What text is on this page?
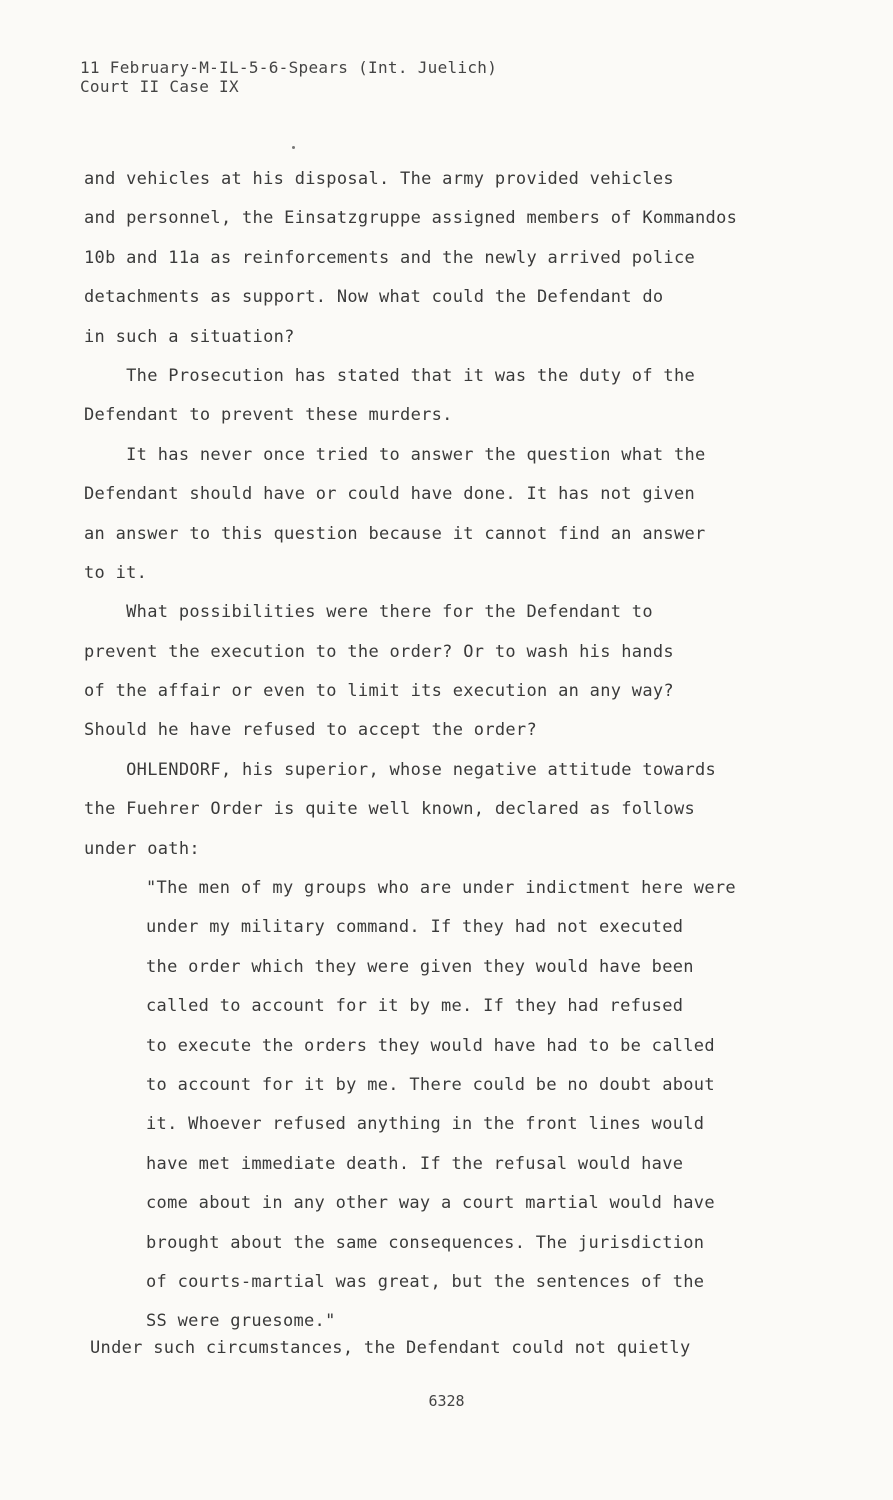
11 February-M-IL-5-6-Spears (Int. Juelich)
Court II Case IX
and vehicles at his disposal. The army provided vehicles
and personnel, the Einsatzgruppe assigned members of Kommandos
10b and 11a as reinforcements and the newly arrived police
detachments as support. Now what could the Defendant do
in such a situation?
The Prosecution has stated that it was the duty of the
Defendant to prevent these murders.
It has never once tried to answer the question what the
Defendant should have or could have done. It has not given
an answer to this question because it cannot find an answer
to it.
What possibilities were there for the Defendant to
prevent the execution to the order? Or to wash his hands
of the affair or even to limit its execution an any way?
Should he have refused to accept the order?
OHLENDORF, his superior, whose negative attitude towards
the Fuehrer Order is quite well known, declared as follows
under oath:
"The men of my groups who are under indictment here were
under my military command. If they had not executed
the order which they were given they would have been
called to account for it by me. If they had refused
to execute the orders they would have had to be called
to account for it by me. There could be no doubt about
it. Whoever refused anything in the front lines would
have met immediate death. If the refusal would have
come about in any other way a court martial would have
brought about the same consequences. The jurisdiction
of courts-martial was great, but the sentences of the
SS were gruesome."
Under such circumstances, the Defendant could not quietly
6328
